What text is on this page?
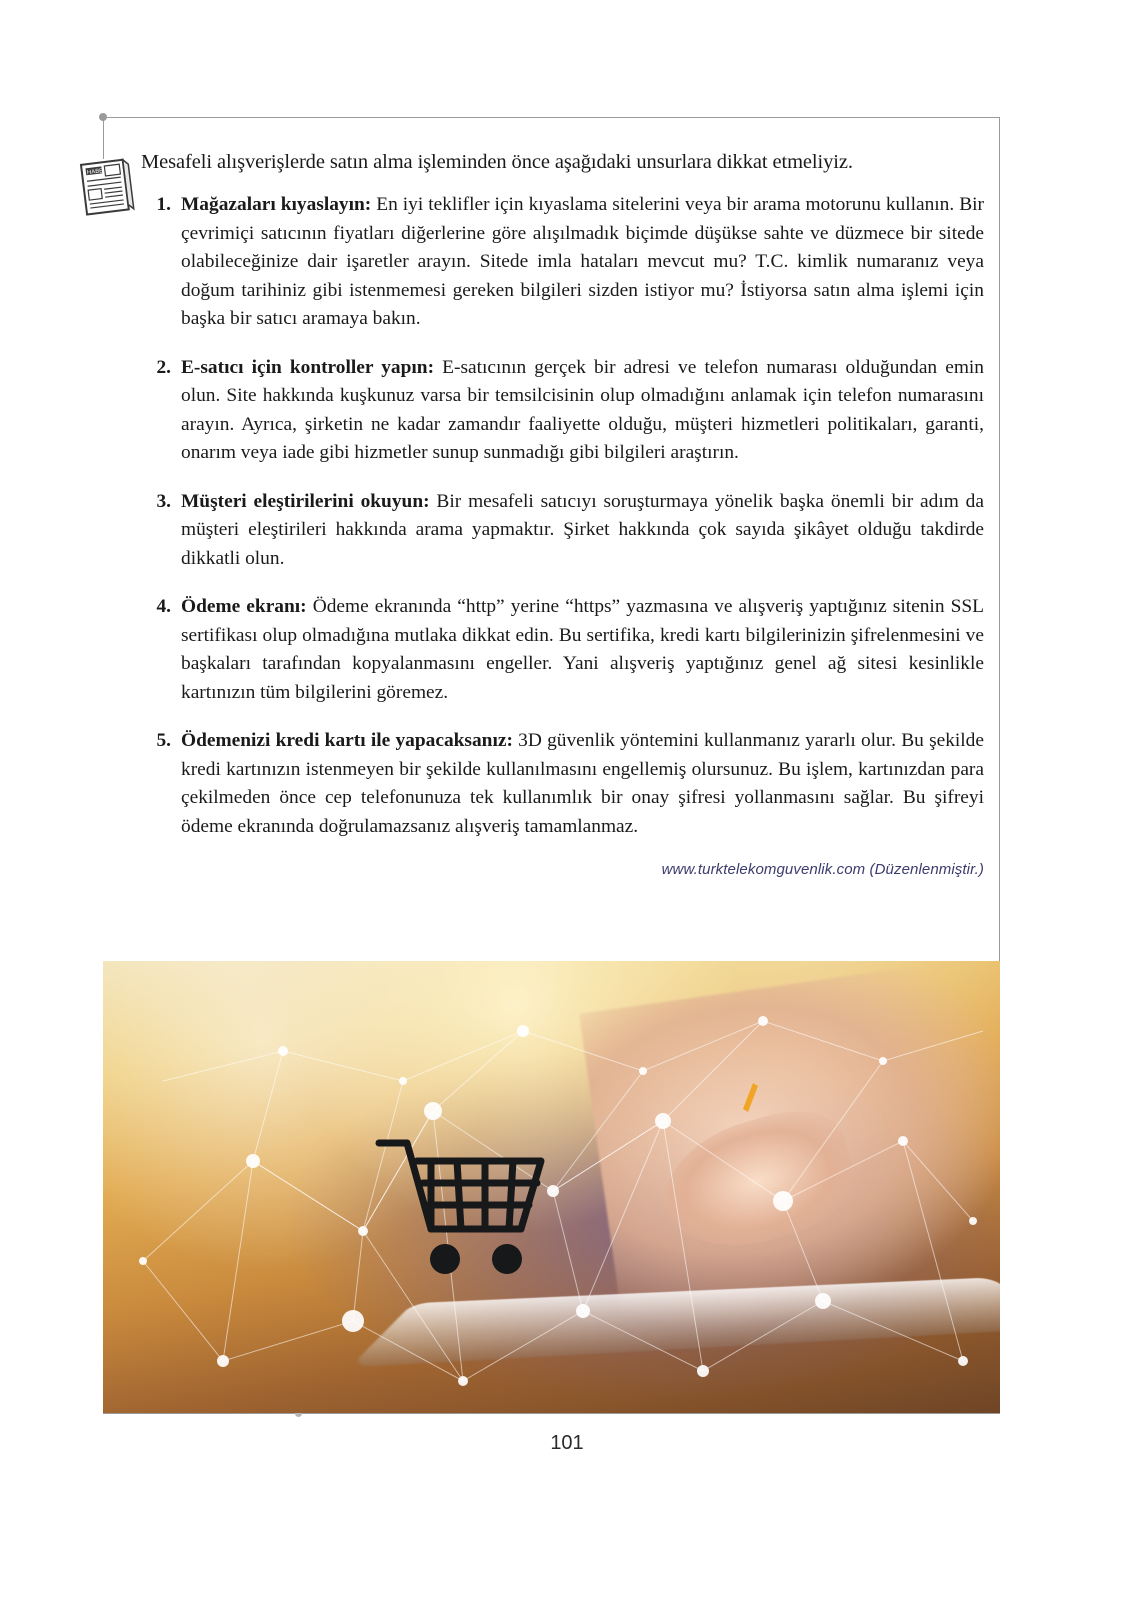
HABER Mesafeli alışverişlerde satın alma işleminden önce aşağıdaki unsurlara dikkat etmeliyiz.

1. Mağazaları kıyaslayın: En iyi teklifler için kıyaslama sitelerini veya bir arama motorunu kullanın. Bir çevrimiçi satıcının fiyatları diğerlerine göre alışılmadık biçimde düşükse sahte ve düzmece bir sitede olabileceğinize dair işaretler arayın. Sitede imla hataları mevcut mu? T.C. kimlik numaranız veya doğum tarihiniz gibi istenmemesi gereken bilgileri sizden istiyor mu? İstiyorsa satın alma işlemi için başka bir satıcı aramaya bakın.
2. E-satıcı için kontroller yapın: E-satıcının gerçek bir adresi ve telefon numarası olduğundan emin olun. Site hakkında kuşkunuz varsa bir temsilcisinin olup olmadığını anlamak için telefon numarasını arayın. Ayrıca, şirketin ne kadar zamandır faaliyette olduğu, müşteri hizmetleri politikaları, garanti, onarım veya iade gibi hizmetler sunup sunmadığı gibi bilgileri araştırın.
3. Müşteri eleştirilerini okuyun: Bir mesafeli satıcıyı soruşturmaya yönelik başka önemli bir adım da müşteri eleştirileri hakkında arama yapmaktır. Şirket hakkında çok sayıda şikâyet olduğu takdirde dikkatli olun.
4. Ödeme ekranı: Ödeme ekranında “http” yerine “https” yazmasına ve alışveriş yaptığınız sitenin SSL sertifikası olup olmadığına mutlaka dikkat edin. Bu sertifika, kredi kartı bilgilerinizin şifrelenmesini ve başkaları tarafından kopyalanmasını engeller. Yani alışveriş yaptığınız genel ağ sitesi kesinlikle kartınızın tüm bilgilerini göremez.
5. Ödemenizi kredi kartı ile yapacaksanız: 3D güvenlik yöntemini kullanmanız yararlı olur. Bu şekilde kredi kartınızın istenmeyen bir şekilde kullanılmasını engellemiş olursunuz. Bu işlem, kartınızdan para çekilmeden önce cep telefonunuza tek kullanımlık bir onay şifresi yollanmasını sağlar. Bu şifreyi ödeme ekranında doğrulamazsanız alışveriş tamamlanmaz.
www.turktelekomguvenlik.com (Düzenlenmiştir.)
101
